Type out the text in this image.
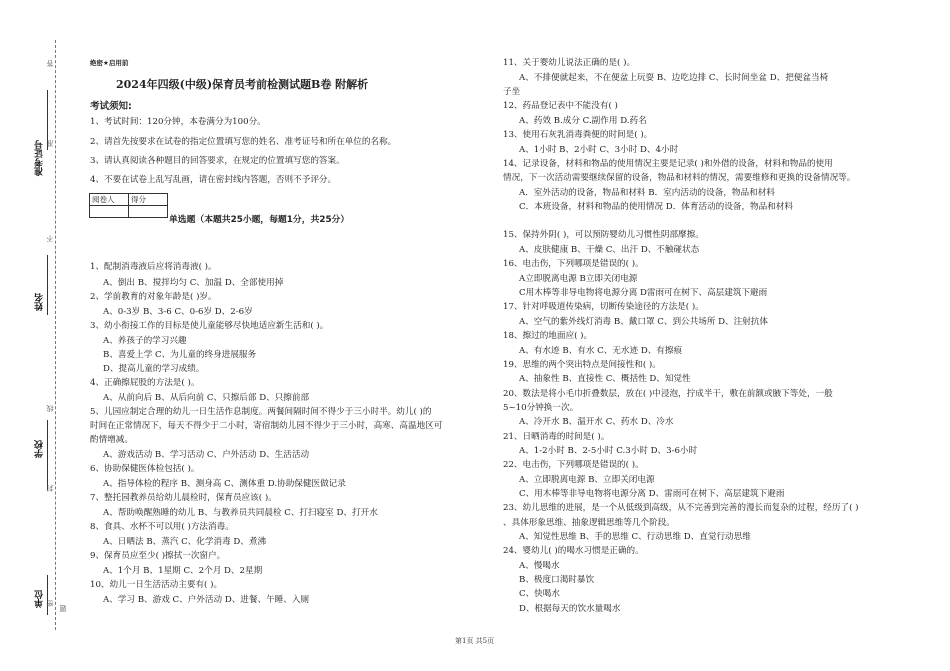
准考证号
姓名
学校
单位 密
封
线
不
准
答
题
绝密★启用前
2024年四级(中级)保育员考前检测试题B卷 附解析
考试须知:
1、考试时间：120分钟，本卷满分为100分。
2、请首先按要求在试卷的指定位置填写您的姓名、准考证号和所在单位的名称。
3、请认真阅读各种题目的回答要求，在规定的位置填写您的答案。
4、不要在试卷上乱写乱画，请在密封线内答题，否则不予评分。
阅卷人	得分

单选题（本题共25小题，每题1分，共25分）
1、配制消毒液后应将消毒液( )。
A、倒出 B、搅拌均匀 C、加温 D、全部使用掉
2、学前教育的对象年龄是( )岁。
A、0-3岁 B、3-6 C、0-6岁 D、2-6岁
3、幼小衔接工作的目标是使儿童能够尽快地适应新生活和( )。
A、养孩子的学习兴趣
B、喜爱上学 C、为儿童的终身进展服务
D、提高儿童的学习成绩。
4、正确擦屁股的方法是( )。
A、从前向后 B、从后向前 C、只擦后部 D、只擦前部
5、儿园应制定合理的幼儿一日生活作息制度。两餐间隔时间不得少于三小时半。幼儿( )的
时间在正常情况下，每天不得少于二小时，寄宿制幼儿园不得少于三小时，高寒、高温地区可
酌情增减。
A、游戏活动 B、学习活动 C、户外活动 D、生活活动
6、协助保健医体检包括( )。
A、指导体检的程序 B、测身高 C、测体重 D.协助保健医做记录
7、整托园教养员给幼儿晨检时，保育员应该( )。
A、帮助唤醒熟睡的幼儿 B、与教养员共同晨检 C、打扫寝室 D、打开水
8、食具、水杯不可以用( )方法消毒。
A、日晒法 B、蒸汽 C、化学消毒 D、煮沸
9、保育员应至少( )擦拭一次窗户。
A、1个月 B、1星期 C、2个月 D、2星期
10、幼儿一日生活活动主要有( )。
A、学习 B、游戏 C、户外活动 D、进餐、午睡、入厕
11、关于婴幼儿说法正确的是( )。
A、不排便就起来，不在便盆上玩耍 B、边吃边排 C、长时间坐盆 D、把便盆当椅
子坐
12、药品登记表中不能没有( )
A、药效 B.成分 C.副作用 D.药名
13、使用石灰乳消毒粪便的时间是( )。
A、1小时 B、2小时 C、3小时 D、4小时
14、记录设备，材料和物品的使用情况主要是记录( )和外借的设备，材料和物品的使用
情况，下一次活动需要继续保留的设备，物品和材料的情况，需要维修和更换的设备情况等。
A．室外活动的设备，物品和材料 B．室内活动的设备，物品和材料
C．本班设备，材料和物品的使用情况 D．体育活动的设备，物品和材料
15、保持外阴( )，可以预防婴幼儿习惯性阴部摩擦。
A、皮肤健康 B、干燥 C、出汗 D、不触碰状态
16、电击伤，下列哪项是错误的( )。
A立即脱离电源 B立即关闭电源
C用木棒等非导电物将电源分离 D雷雨可在树下、高层建筑下避雨
17、针对呼吸道传染病，切断传染途径的方法是( )。
A、空气的紫外线灯消毒 B、戴口罩 C、到公共场所 D、注射抗体
18、擦过的地面应( )。
A、有水迹 B、有水 C、无水迹 D、有擦痕
19、思维的两个突出特点是间接性和( )。
A、抽象性 B、直接性 C、概括性 D、知觉性
20、数法是将小毛巾折叠数层，放在( )中浸泡，拧成半干，敷在前额或腋下等处，一般
5~10分钟换一次。
A、冷开水 B、温开水 C、药水 D、冷水
21、日晒消毒的时间是( )。
A、1-2小时 B、2-5小时 C.3小时 D、3-6小时
22、电击伤，下列哪项是错误的( )。
A、立即脱离电源 B、立即关闭电源
C、用木棒等非导电物将电源分离 D、雷雨可在树下、高层建筑下避雨
23、幼儿思维的进展，是一个从低级到高级，从不完善到完善的漫长而复杂的过程，经历了( )
、具体形象思维、抽象逻辑思维等几个阶段。
A、知觉性思维 B、手的思维 C、行动思维 D、直觉行动思维
24、婴幼儿( )的喝水习惯是正确的。
A、慢喝水
B、极度口渴时暴饮
C、快喝水
D、根据每天的饮水量喝水
第1页 共5页
